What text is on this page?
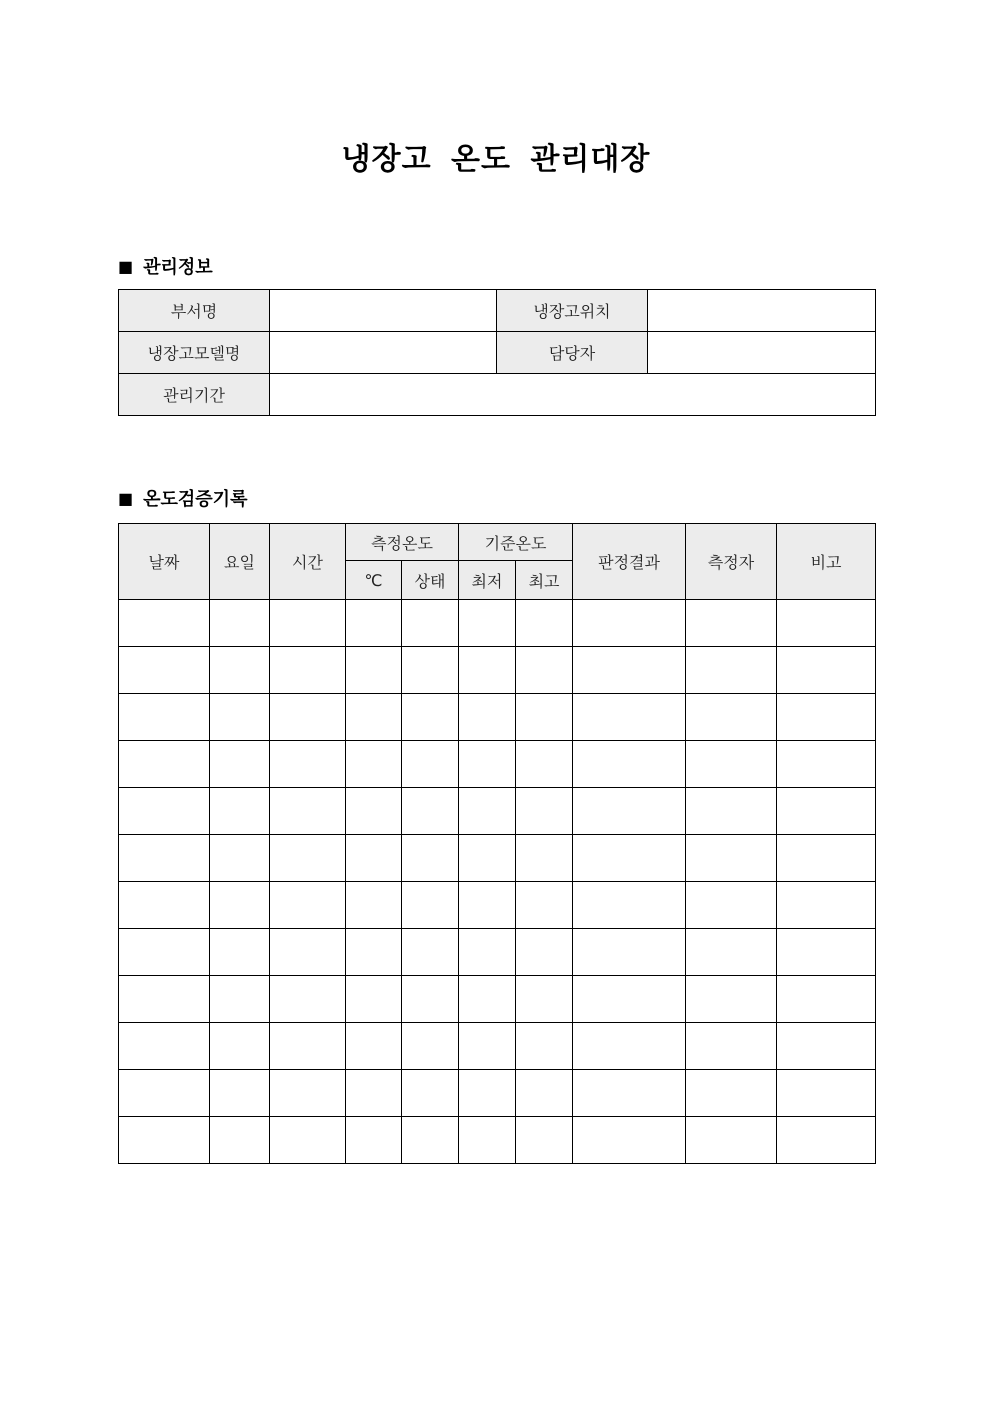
냉장고 온도 관리대장
■ 관리정보
부서명		냉장고위치	
냉장고모델명		담당자	
관리기간			
■ 온도검증기록
날짜	요일	시간	측정온도		기준온도		판정결과	측정자	비고
			℃	상태	최저	최고			
